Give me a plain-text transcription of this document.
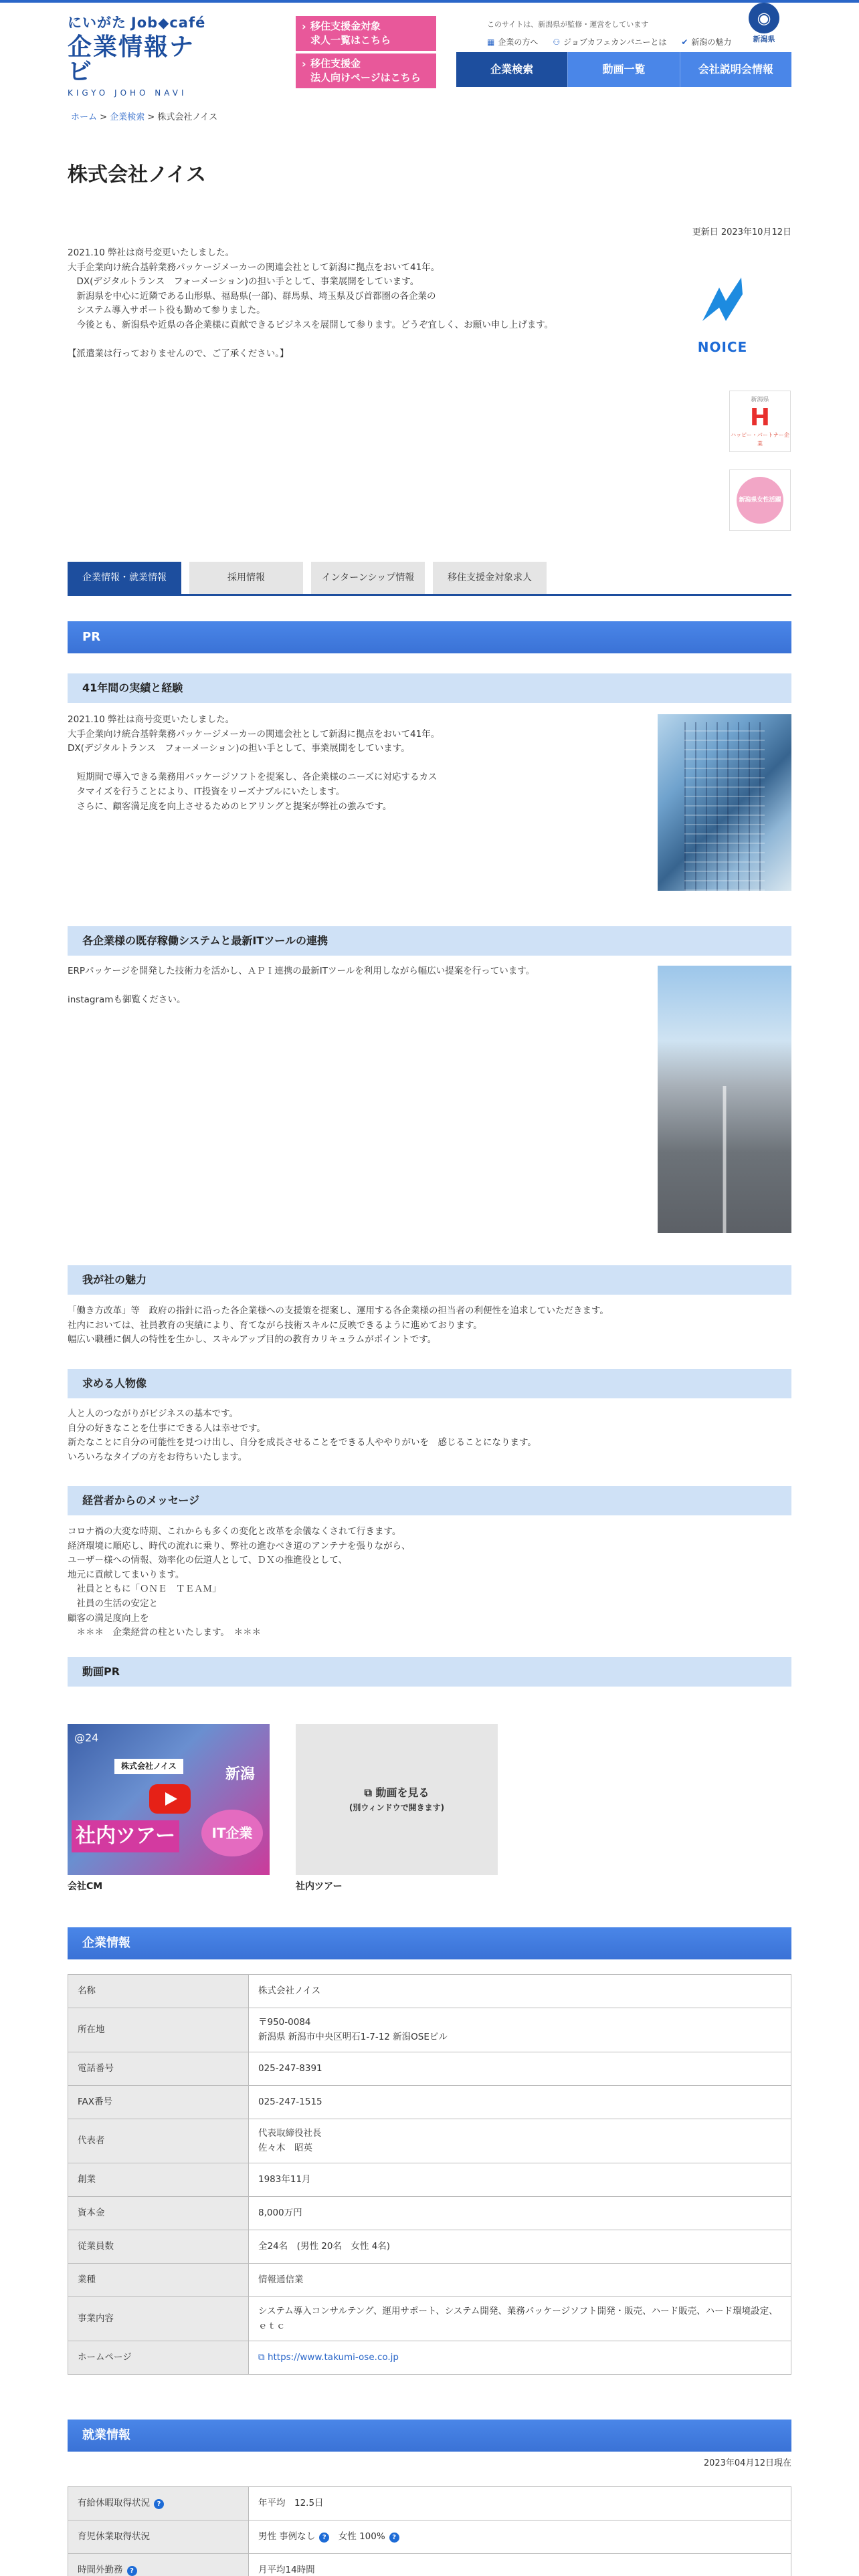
にいがた Job◆café
企業情報ナビ
KIGYO JOHO NAVI
› 移住支援金対象
求人一覧はこちら
› 移住支援金
法人向けページはこちら
このサイトは、新潟県が監修・運営をしています
▦ 企業の方へ ⚇ ジョブカフェカンパニーとは ✔ 新潟の魅力
◉
新潟県
企業検索	動画一覧	会社説明会情報
ホーム > 企業検索 > 株式会社ノイス
株式会社ノイス
更新日 2023年10月12日

2021.10 弊社は商号変更いたしました。
大手企業向け統合基幹業務パッケージメーカーの関連会社として新潟に拠点をおいて41年。
　DX(デジタルトランス　フォーメーション)の担い手として、事業展開をしています。
　新潟県を中心に近隣である山形県、福島県(一部)、群馬県、埼玉県及び首都圏の各企業の
　システム導入サポート役も勤めて参りました。
　今後とも、新潟県や近県の各企業様に貢献できるビジネスを展開して参ります。どうぞ宜しく、お願い申し上げます。

【派遣業は行っておりませんので、ご了承ください。】	NOICE
新潟県
H
ハッピー・パートナー企業
新潟県女性活躍推進
企業情報・就業情報	採用情報	インターンシップ情報	移住支援金対象求人
PR
41年間の実績と経験
2021.10 弊社は商号変更いたしました。
大手企業向け統合基幹業務パッケージメーカーの関連会社として新潟に拠点をおいて41年。
DX(デジタルトランス　フォーメーション)の担い手として、事業展開をしています。

　短期間で導入できる業務用パッケージソフトを提案し、各企業様のニーズに対応するカス
　タマイズを行うことにより、IT投資をリーズナブルにいたします。
　さらに、顧客満足度を向上させるためのヒアリングと提案が弊社の強みです。
各企業様の既存稼働システムと最新ITツールの連携
ERPパッケージを開発した技術力を活かし、ＡＰＩ連携の最新ITツールを利用しながら幅広い提案を行っています。

instagramも御覧ください。
我が社の魅力
「働き方改革」等　政府の指針に沿った各企業様への支援策を提案し、運用する各企業様の担当者の利便性を追求していただきます。
社内においては、社員教育の実績により、育てながら技術スキルに反映できるように進めております。
幅広い職種に個人の特性を生かし、スキルアップ目的の教育カリキュラムがポイントです。
求める人物像
人と人のつながりがビジネスの基本です。
自分の好きなことを仕事にできる人は幸せです。
新たなことに自分の可能性を見つけ出し、自分を成長させることをできる人ややりがいを　感じることになります。
いろいろなタイプの方をお待ちいたします。
経営者からのメッセージ
コロナ禍の大変な時期、これからも多くの変化と改革を余儀なくされて行きます。
経済環境に順応し、時代の流れに乗り、弊社の進むべき道のアンテナを張りながら、
ユーザー様への情報、効率化の伝道人として、ＤＸの推進役として、
地元に貢献してまいります。
　社員とともに「ＯＮＥ　ＴＥＡＭ」
　社員の生活の安定と
顧客の満足度向上を
　＊＊＊　企業経営の柱といたします。　＊＊＊
動画PR
@24
株式会社ノイス	新潟
IT企業
社内ツアー
会社CM
⧉ 動画を見る
(別ウィンドウで開きます)
社内ツアー
企業情報
名称	株式会社ノイス
所在地	〒950-0084
新潟県 新潟市中央区明石1-7-12 新潟OSEビル
電話番号	025-247-8391
FAX番号	025-247-1515
代表者	代表取締役社長
佐々木　昭英
創業	1983年11月
資本金	8,000万円
従業員数	全24名　(男性 20名　女性 4名)
業種	情報通信業
事業内容	システム導入コンサルテング、運用サポート、システム開発、業務パッケージソフト開発・販売、ハード販売、ハード環境設定、ｅｔｃ
ホームページ	⧉ https://www.takumi-ose.co.jp
就業情報
2023年04月12日現在
有給休暇取得状況 ?	年平均　12.5日
育児休業取得状況	男性 事例なし ?　 女性 100% ?
時間外勤務 ?	月平均14時間
